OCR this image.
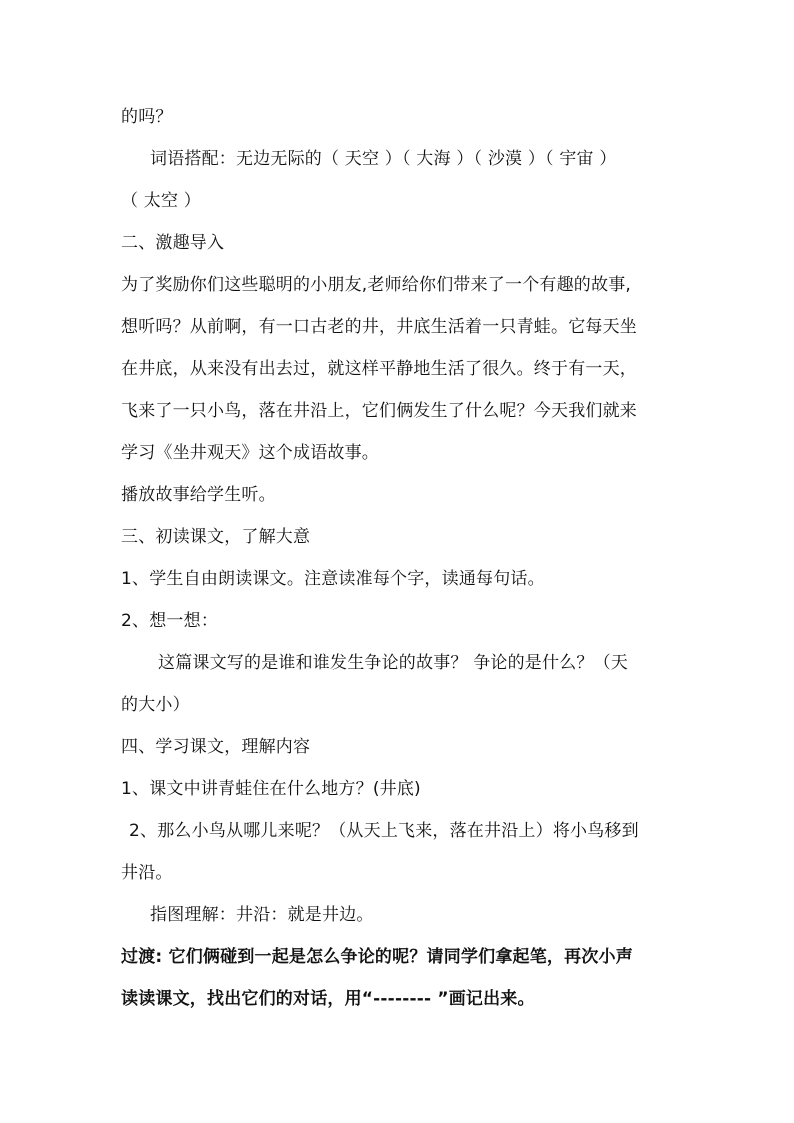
的吗？
词语搭配：无边无际的（ 天空 ）（ 大海 ）（ 沙漠 ）（ 宇宙 ）
（ 太空 ）
二、激趣导入
为了奖励你们这些聪明的小朋友,老师给你们带来了一个有趣的故事,
想听吗？从前啊，有一口古老的井，井底生活着一只青蛙。它每天坐
在井底，从来没有出去过，就这样平静地生活了很久。终于有一天，
飞来了一只小鸟，落在井沿上，它们俩发生了什么呢？今天我们就来
学习《坐井观天》这个成语故事。
播放故事给学生听。
三、初读课文，了解大意
1、学生自由朗读课文。注意读准每个字，读通每句话。
2、想一想：
这篇课文写的是谁和谁发生争论的故事？ 争论的是什么？（天
的大小）
四、学习课文，理解内容
1、课文中讲青蛙住在什么地方？(井底)
2、那么小鸟从哪儿来呢？（从天上飞来，落在井沿上）将小鸟移到
井沿。
指图理解：井沿：就是井边。
过渡: 它们俩碰到一起是怎么争论的呢？请同学们拿起笔，再次小声
读读课文，找出它们的对话，用“-------- ”画记出来。
